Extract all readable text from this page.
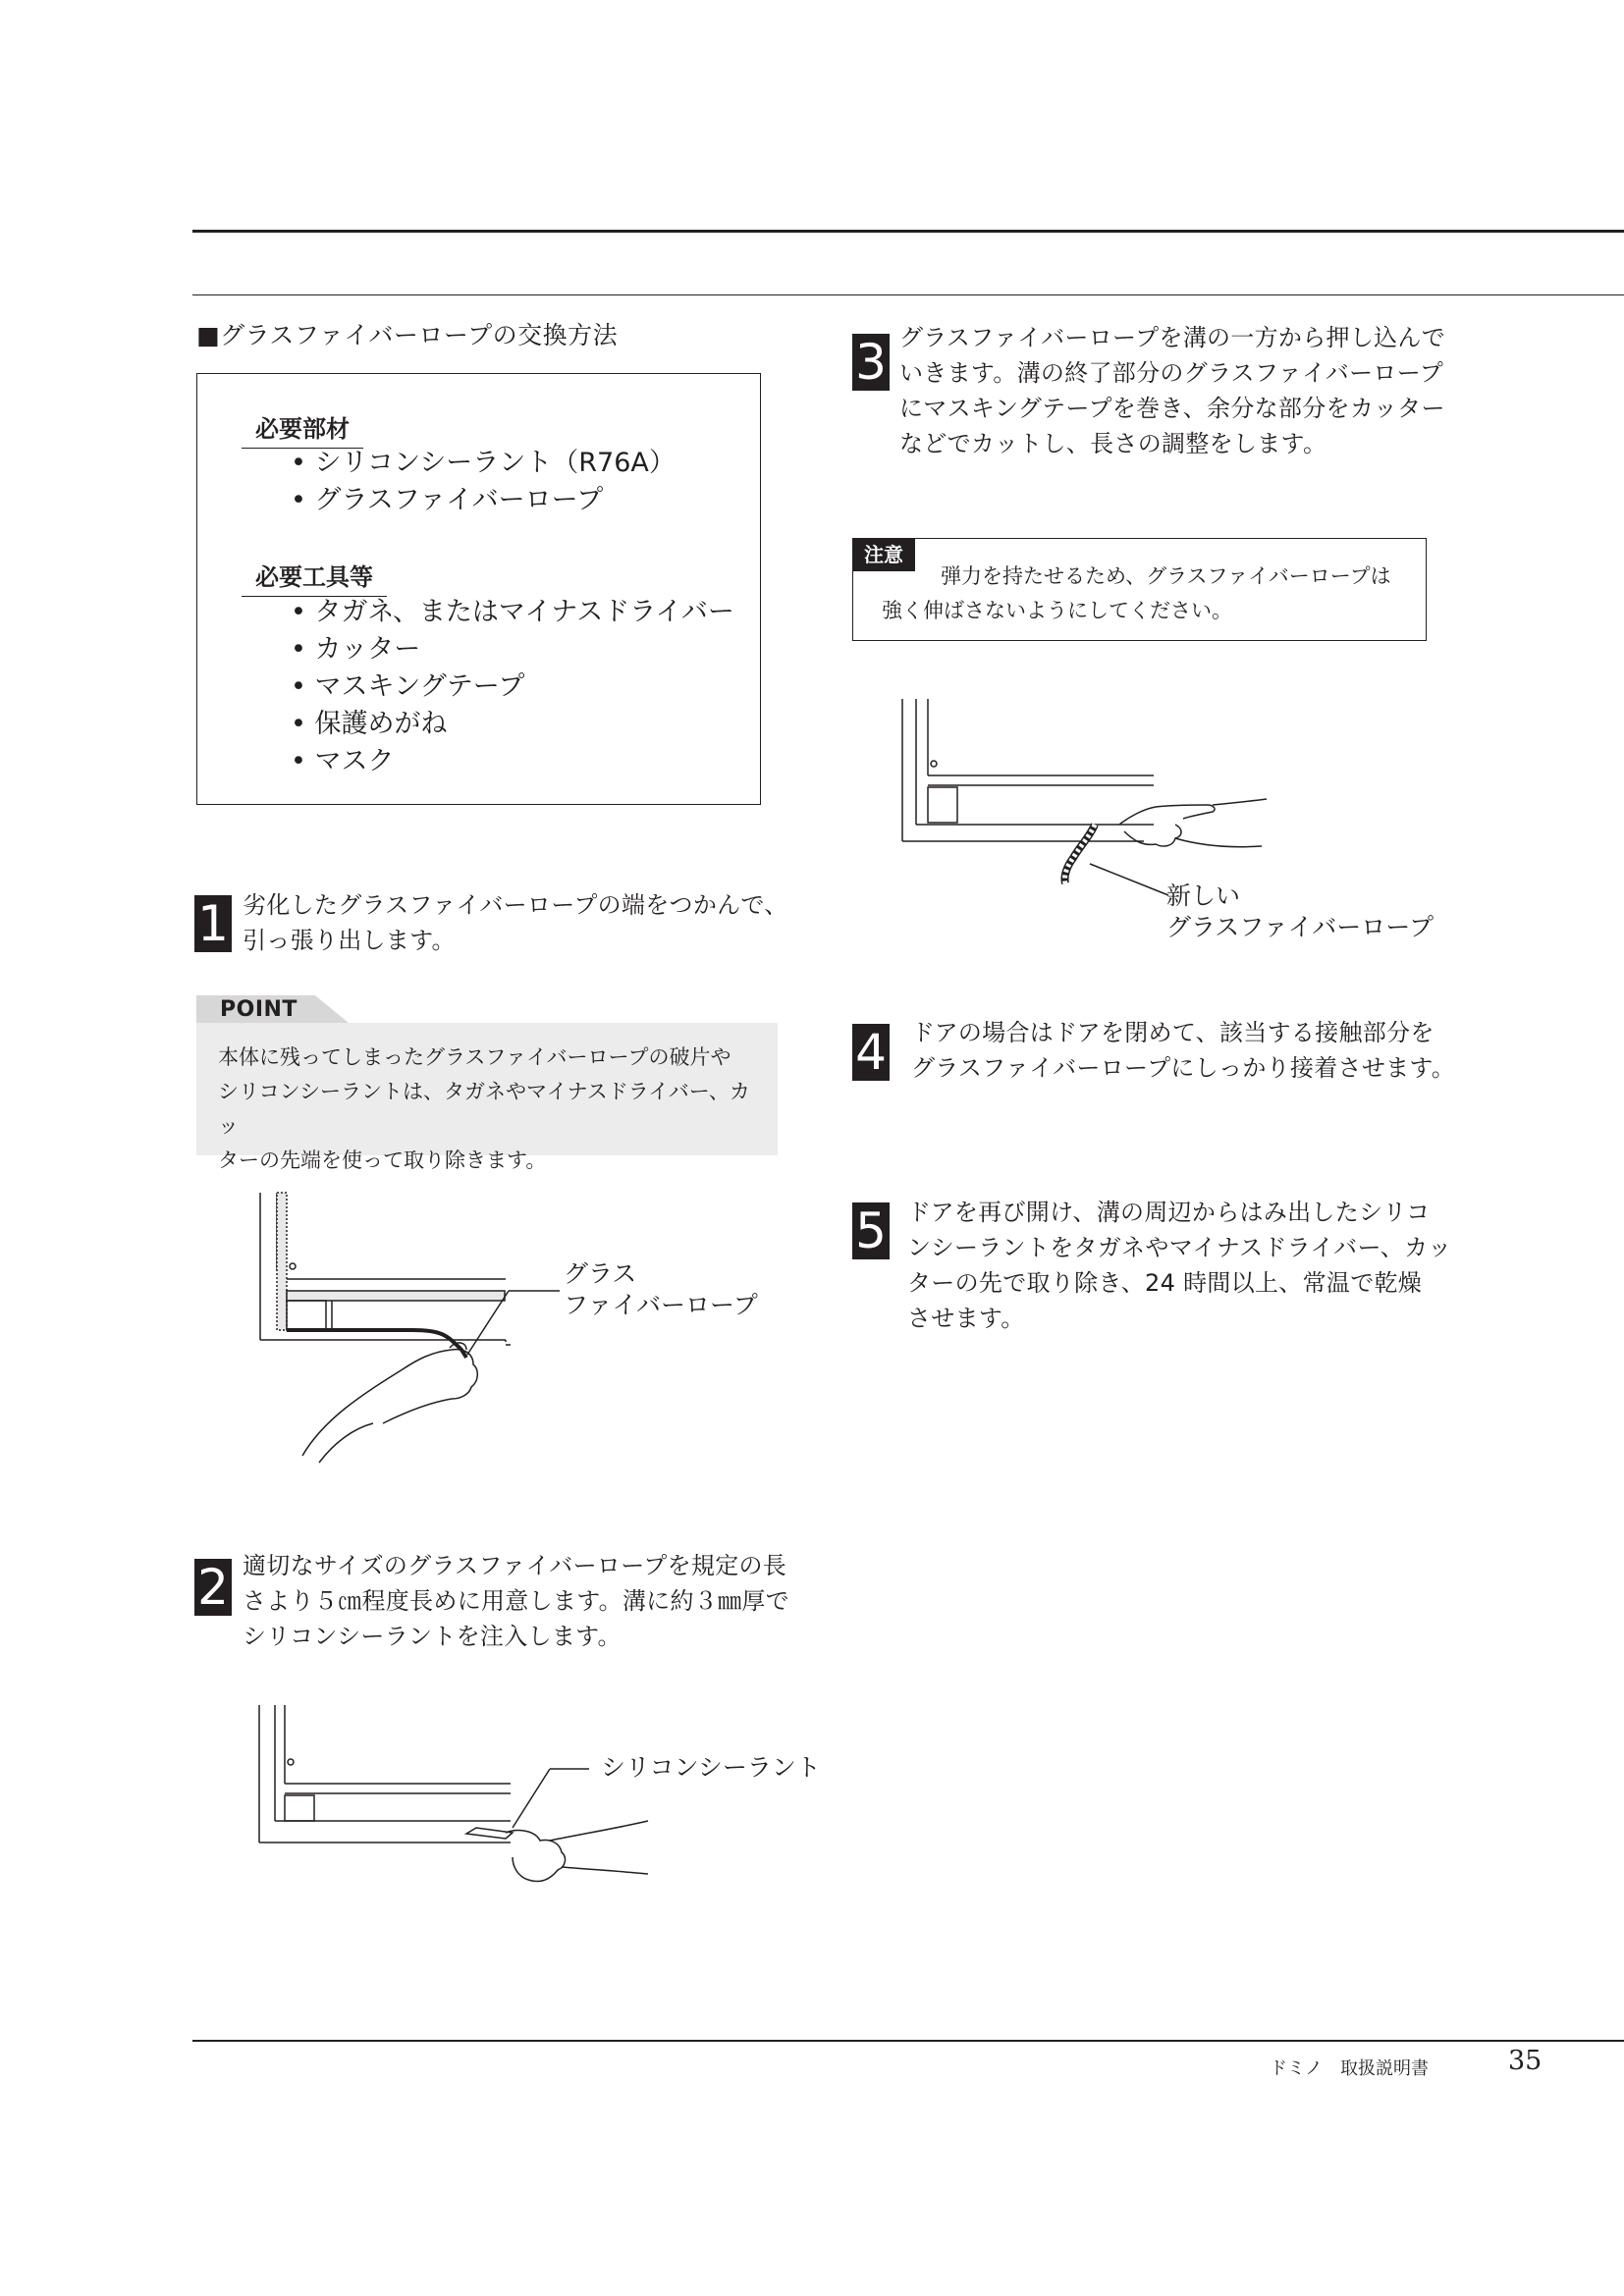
■グラスファイバーロープの交換方法
必要部材
• シリコンシーラント（R76A）
• グラスファイバーロープ
必要工具等
• タガネ、またはマイナスドライバー
• カッター
• マスキングテープ
• 保護めがね
• マスク
1 劣化したグラスファイバーロープの端をつかんで、
引っ張り出します。
POINT
本体に残ってしまったグラスファイバーロープの破片や
シリコンシーラントは、タガネやマイナスドライバー、カッ
ターの先端を使って取り除きます。
グラス
ファイバーロープ
2 適切なサイズのグラスファイバーロープを規定の長
さより５㎝程度長めに用意します。溝に約３㎜厚で
シリコンシーラントを注入します。
シリコンシーラント
3 グラスファイバーロープを溝の一方から押し込んで
いきます。溝の終了部分のグラスファイバーロープ
にマスキングテープを巻き、余分な部分をカッター
などでカットし、長さの調整をします。
注意
弾力を持たせるため、グラスファイバーロープは
強く伸ばさないようにしてください。
新しい
グラスファイバーロープ
4 ドアの場合はドアを閉めて、該当する接触部分を
グラスファイバーロープにしっかり接着させます。
5 ドアを再び開け、溝の周辺からはみ出したシリコ
ンシーラントをタガネやマイナスドライバー、カッ
ターの先で取り除き、24 時間以上、常温で乾燥
させます。
ドミノ　取扱説明書	35
